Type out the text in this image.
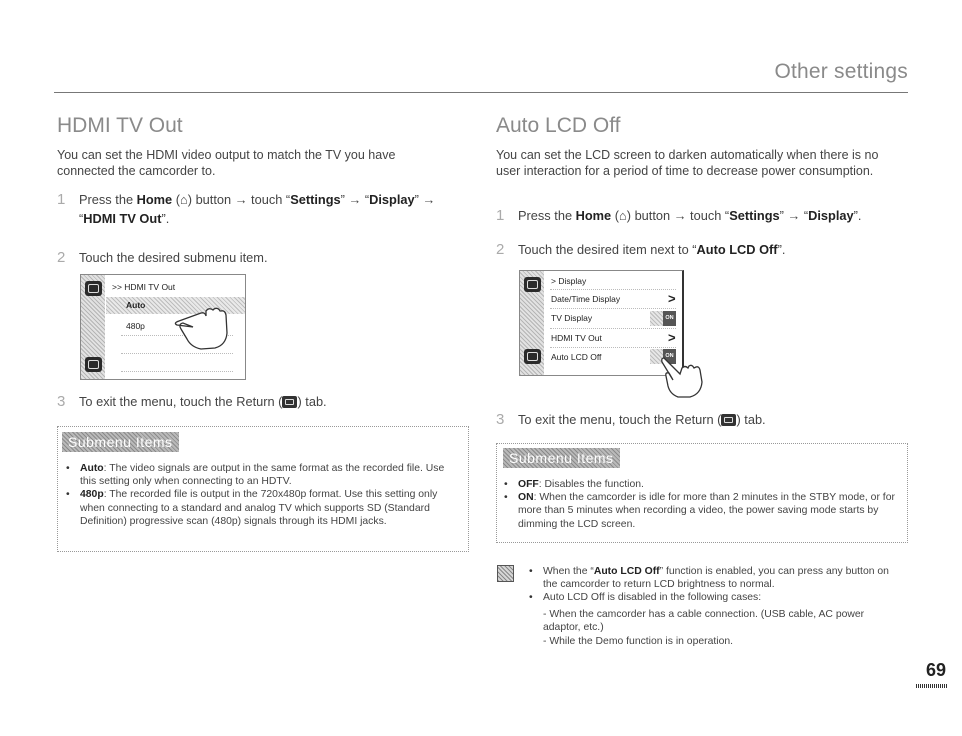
Other settings
HDMI TV Out
You can set the HDMI video output to match the TV you have connected the camcorder to.
1 Press the Home (⌂) button → touch “Settings” → “Display” →
“HDMI TV Out”.
2 Touch the desired submenu item.
>> HDMI TV Out
Auto
480p
3 To exit the menu, touch the Return ( ) tab.
Submenu Items
• Auto: The video signals are output in the same format as the recorded file. Use this setting only when connecting to an HDTV.
• 480p: The recorded file is output in the 720x480p format. Use this setting only when connecting to a standard and analog TV which supports SD (Standard Definition) progressive scan (480p) signals through its HDMI jacks.
Auto LCD Off
You can set the LCD screen to darken automatically when there is no user interaction for a period of time to decrease power consumption.
1 Press the Home (⌂) button → touch “Settings” → “Display”.
2 Touch the desired item next to “Auto LCD Off”.
> Display
Date/Time Display	>
TV Display	ON
HDMI TV Out	>
Auto LCD Off	ON
3 To exit the menu, touch the Return ( ) tab.
Submenu Items
• OFF: Disables the function.
• ON: When the camcorder is idle for more than 2 minutes in the STBY mode, or for more than 5 minutes when recording a video, the power saving mode starts by dimming the LCD screen.
• When the “Auto LCD Off” function is enabled, you can press any button on the camcorder to return LCD brightness to normal.
• Auto LCD Off is disabled in the following cases:
- When the camcorder has a cable connection. (USB cable, AC power adaptor, etc.)
- While the Demo function is in operation.
69
